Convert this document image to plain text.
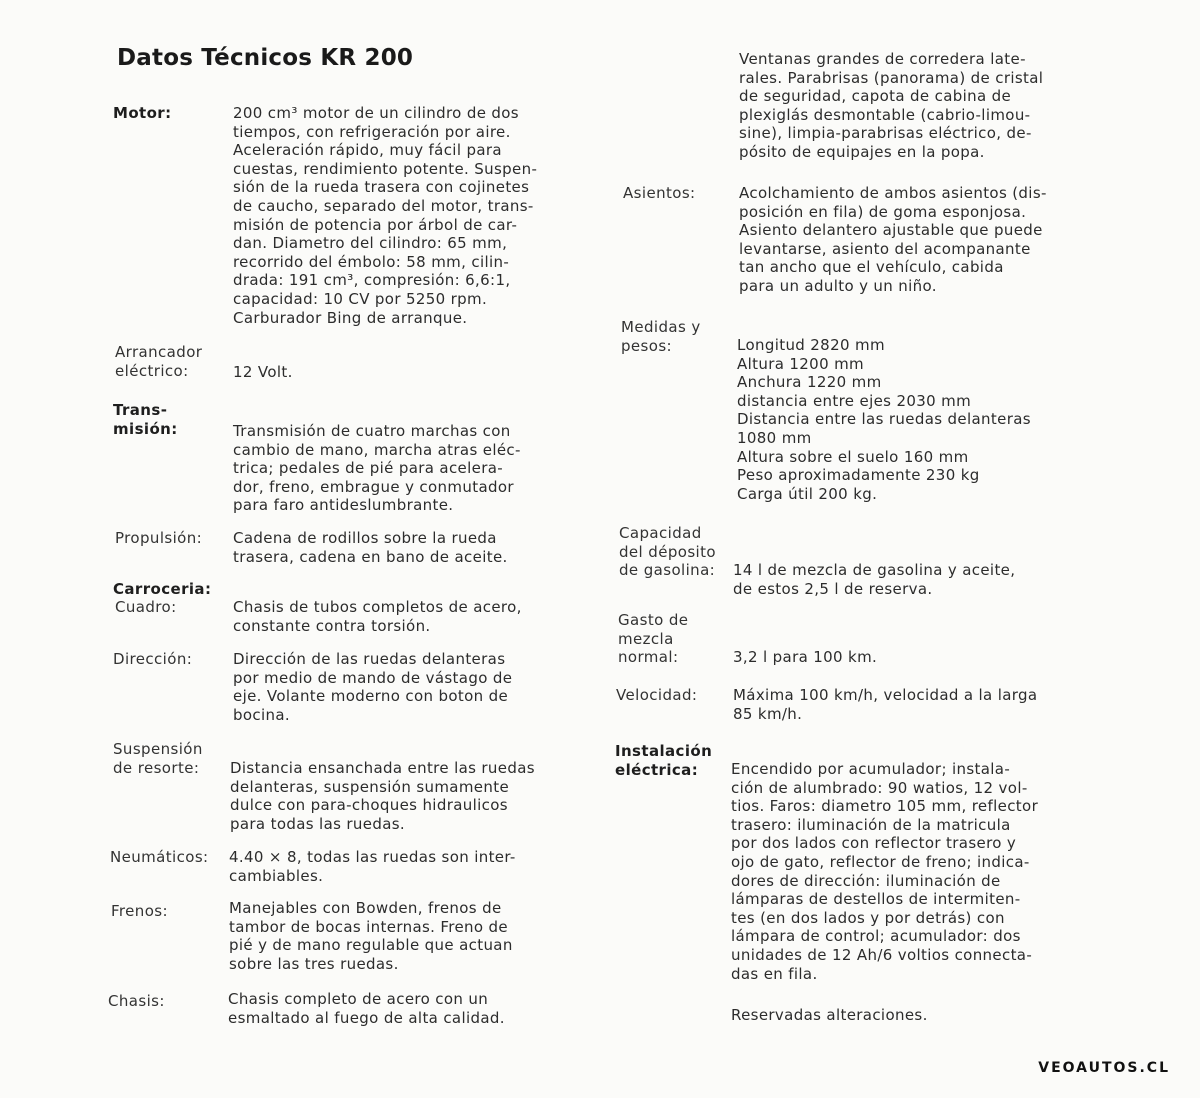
Datos Técnicos KR 200
Motor:	200 cm³ motor de un cilindro de dos
tiempos, con refrigeración por aire.
Aceleración rápido, muy fácil para
cuestas, rendimiento potente. Suspen-
sión de la rueda trasera con cojinetes
de caucho, separado del motor, trans-
misión de potencia por árbol de car-
dan. Diametro del cilindro: 65 mm,
recorrido del émbolo: 58 mm, cilin-
drada: 191 cm³, compresión: 6,6:1,
capacidad: 10 CV por 5250 rpm.
Carburador Bing de arranque.
Arrancador
eléctrico:	12 Volt.
Trans-
misión:	Transmisión de cuatro marchas con
cambio de mano, marcha atras eléc-
trica; pedales de pié para acelera-
dor, freno, embrague y conmutador
para faro antideslumbrante.
Propulsión: Cadena de rodillos sobre la rueda
trasera, cadena en bano de aceite.
Carroceria:
Cuadro:	Chasis de tubos completos de acero,
constante contra torsión.
Dirección:	Dirección de las ruedas delanteras
por medio de mando de vástago de
eje. Volante moderno con boton de
bocina.
Suspensión
de resorte: Distancia ensanchada entre las ruedas
delanteras, suspensión sumamente
dulce con para-choques hidraulicos
para todas las ruedas.
Neumáticos: 4.40 × 8, todas las ruedas son inter-
cambiables.
Frenos:	Manejables con Bowden, frenos de
tambor de bocas internas. Freno de
pié y de mano regulable que actuan
sobre las tres ruedas.
Chasis:	Chasis completo de acero con un
esmaltado al fuego de alta calidad.
Ventanas grandes de corredera late-
rales. Parabrisas (panorama) de cristal
de seguridad, capota de cabina de
plexiglás desmontable (cabrio-limou-
sine), limpia-parabrisas eléctrico, de-
pósito de equipajes en la popa.
Asientos:	Acolchamiento de ambos asientos (dis-
posición en fila) de goma esponjosa.
Asiento delantero ajustable que puede
levantarse, asiento del acompanante
tan ancho que el vehículo, cabida
para un adulto y un niño.
Medidas y
pesos:	Longitud 2820 mm
Altura 1200 mm
Anchura 1220 mm
distancia entre ejes 2030 mm
Distancia entre las ruedas delanteras
1080 mm
Altura sobre el suelo 160 mm
Peso aproximadamente 230 kg
Carga útil 200 kg.
Capacidad
del déposito
de gasolina: 14 l de mezcla de gasolina y aceite,
de estos 2,5 l de reserva.
Gasto de
mezcla
normal:	3,2 l para 100 km.
Velocidad: Máxima 100 km/h, velocidad a la larga
85 km/h.
Instalación
eléctrica:	Encendido por acumulador; instala-
ción de alumbrado: 90 watios, 12 vol-
tios. Faros: diametro 105 mm, reflector
trasero: iluminación de la matricula
por dos lados con reflector trasero y
ojo de gato, reflector de freno; indica-
dores de dirección: iluminación de
lámparas de destellos de intermiten-
tes (en dos lados y por detrás) con
lámpara de control; acumulador: dos
unidades de 12 Ah/6 voltios connecta-
das en fila.
Reservadas alteraciones.
VEOAUTOS.CL
